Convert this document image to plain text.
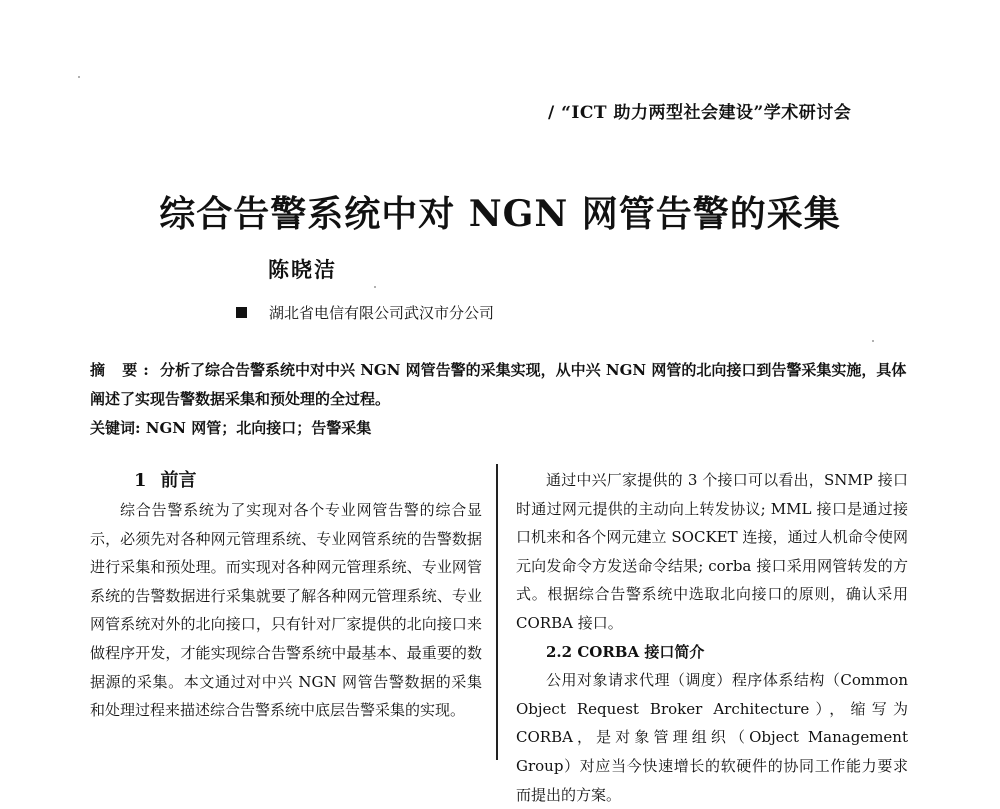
/ “ICT 助力两型社会建设”学术研讨会
综合告警系统中对 NGN 网管告警的采集
陈晓洁
湖北省电信有限公司武汉市分公司
摘 要: 分析了综合告警系统中对中兴 NGN 网管告警的采集实现，从中兴 NGN 网管的北向接口到告警采集实施，具体阐述了实现告警数据采集和预处理的全过程。
关键词: NGN 网管；北向接口；告警采集
1 前言

综合告警系统为了实现对各个专业网管告警的综合显示，必须先对各种网元管理系统、专业网管系统的告警数据进行采集和预处理。而实现对各种网元管理系统、专业网管系统的告警数据进行采集就要了解各种网元管理系统、专业网管系统对外的北向接口，只有针对厂家提供的北向接口来做程序开发，才能实现综合告警系统中最基本、最重要的数据源的采集。本文通过对中兴 NGN 网管告警数据的采集和处理过程来描述综合告警系统中底层告警采集的实现。

通过中兴厂家提供的 3 个接口可以看出，SNMP 接口时通过网元提供的主动向上转发协议; MML 接口是通过接口机来和各个网元建立 SOCKET 连接，通过人机命令使网元向发命令方发送命令结果; corba 接口采用网管转发的方式。根据综合告警系统中选取北向接口的原则，确认采用 CORBA 接口。

2.2 CORBA 接口简介

公用对象请求代理（调度）程序体系结构（Common Object Request Broker Architecture），缩写为 CORBA，是对象管理组织（Object Management Group）对应当今快速增长的软硬件的协同工作能力要求而提出的方案。
